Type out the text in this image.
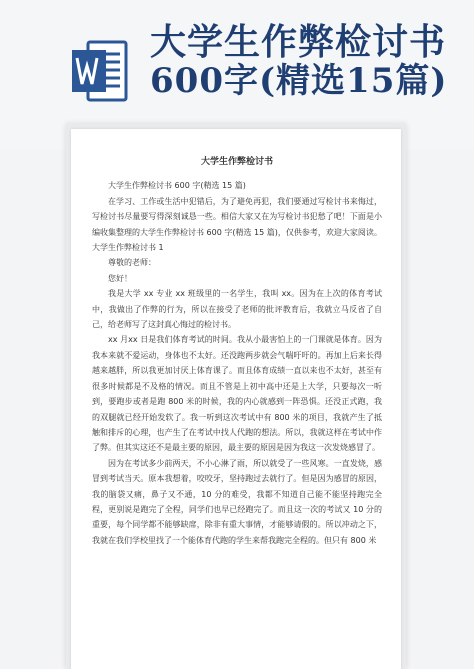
大学生作弊检讨书
600字(精选15篇)
大学生作弊检讨书

大学生作弊检讨书 600 字(精选 15 篇)

在学习、工作或生活中犯错后，为了避免再犯，我们要通过写检讨书来悔过，写检讨书尽量要写得深刻诚恳一些。相信大家又在为写检讨书犯愁了吧！下面是小编收集整理的大学生作弊检讨书 600 字(精选 15 篇)，仅供参考，欢迎大家阅读。

大学生作弊检讨书 1

尊敬的老师：

您好！

我是大学 xx 专业 xx 班级里的一名学生，我叫 xx。因为在上次的体育考试中，我做出了作弊的行为，所以在接受了老师的批评教育后，我就立马反省了自己，给老师写了这封真心悔过的检讨书。

xx 月xx 日是我们体育考试的时间。我从小最害怕上的一门课就是体育。因为我本来就不爱运动，身体也不太好。还没跑两步就会气喘吁吁的。再加上后来长得越来越胖，所以我更加讨厌上体育课了。而且体育成绩一直以来也不太好，甚至有很多时候都是不及格的情况。而且不管是上初中高中还是上大学，只要每次一听到，要跑步或者是跑 800 米的时候，我的内心就感到一阵恐惧。还没正式跑，我的双腿就已经开始发软了。我一听到这次考试中有 800 米的项目，我就产生了抵触和排斥的心理，也产生了在考试中找人代跑的想法。所以，我就这样在考试中作了弊。但其实这还不是最主要的原因，最主要的原因是因为我这一次发烧感冒了。

因为在考试多少前两天，不小心淋了雨，所以就受了一些风寒。一直发烧，感冒到考试当天。原本我想着，咬咬牙，坚持跑过去就行了。但是因为感冒的原因，我的脑袋又痛，鼻子又不通，10 分的难受，我都不知道自己能不能坚持跑完全程，更别说是跑完了全程，同学们也早已经跑完了。而且这一次的考试又 10 分的重要，每个同学都不能够缺席，除非有重大事情，才能够请假的。所以冲动之下，我就在我们学校里找了一个能体育代跑的学生来帮我跑完全程的。但只有 800 米
